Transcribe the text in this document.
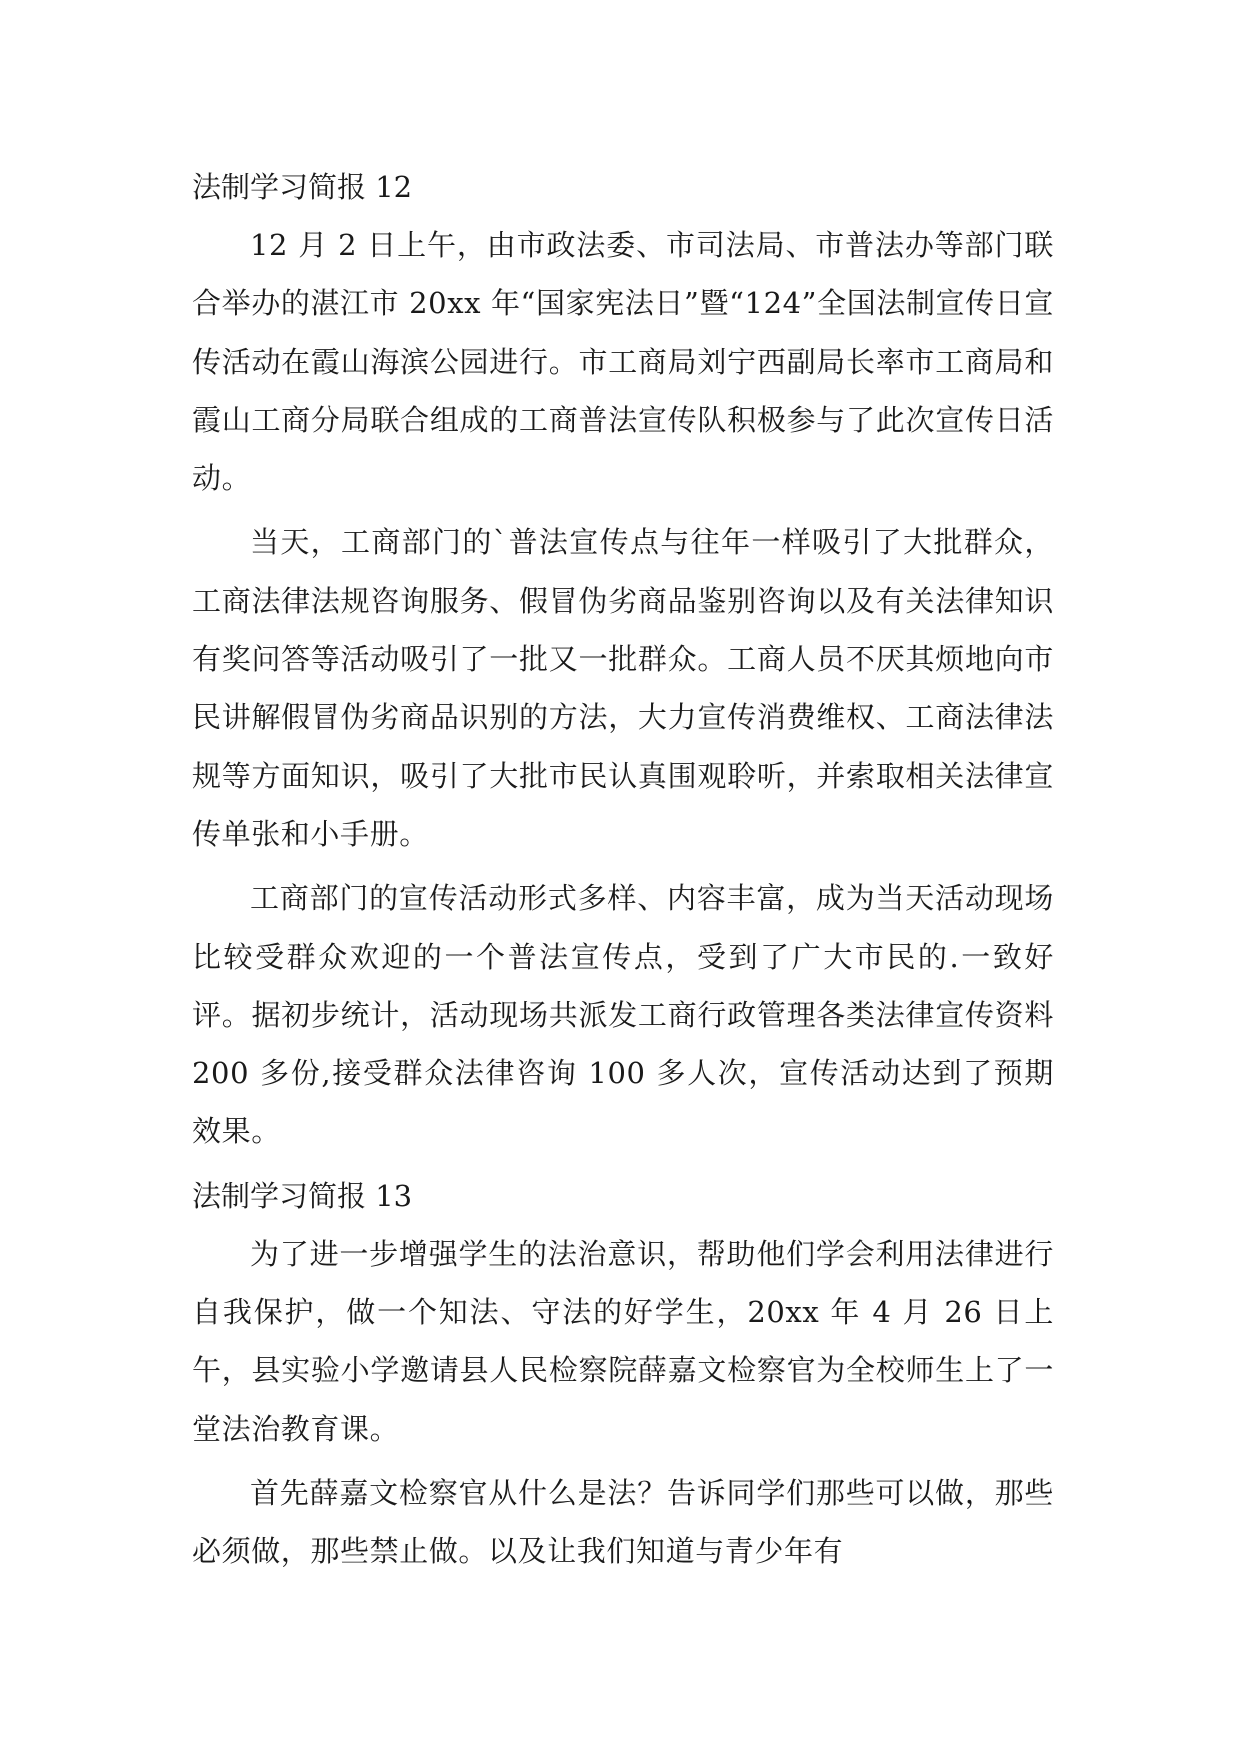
法制学习简报 12

12 月 2 日上午，由市政法委、市司法局、市普法办等部门联合举办的湛江市 20xx 年“国家宪法日”暨“124”全国法制宣传日宣传活动在霞山海滨公园进行。市工商局刘宁西副局长率市工商局和霞山工商分局联合组成的工商普法宣传队积极参与了此次宣传日活动。

当天，工商部门的`普法宣传点与往年一样吸引了大批群众，工商法律法规咨询服务、假冒伪劣商品鉴别咨询以及有关法律知识有奖问答等活动吸引了一批又一批群众。工商人员不厌其烦地向市民讲解假冒伪劣商品识别的方法，大力宣传消费维权、工商法律法规等方面知识，吸引了大批市民认真围观聆听，并索取相关法律宣传单张和小手册。

工商部门的宣传活动形式多样、内容丰富，成为当天活动现场比较受群众欢迎的一个普法宣传点，受到了广大市民的.一致好评。据初步统计，活动现场共派发工商行政管理各类法律宣传资料 200 多份,接受群众法律咨询 100 多人次，宣传活动达到了预期效果。

法制学习简报 13

为了进一步增强学生的法治意识，帮助他们学会利用法律进行自我保护，做一个知法、守法的好学生，20xx 年 4 月 26 日上午，县实验小学邀请县人民检察院薛嘉文检察官为全校师生上了一堂法治教育课。

首先薛嘉文检察官从什么是法？告诉同学们那些可以做，那些必须做，那些禁止做。以及让我们知道与青少年有
